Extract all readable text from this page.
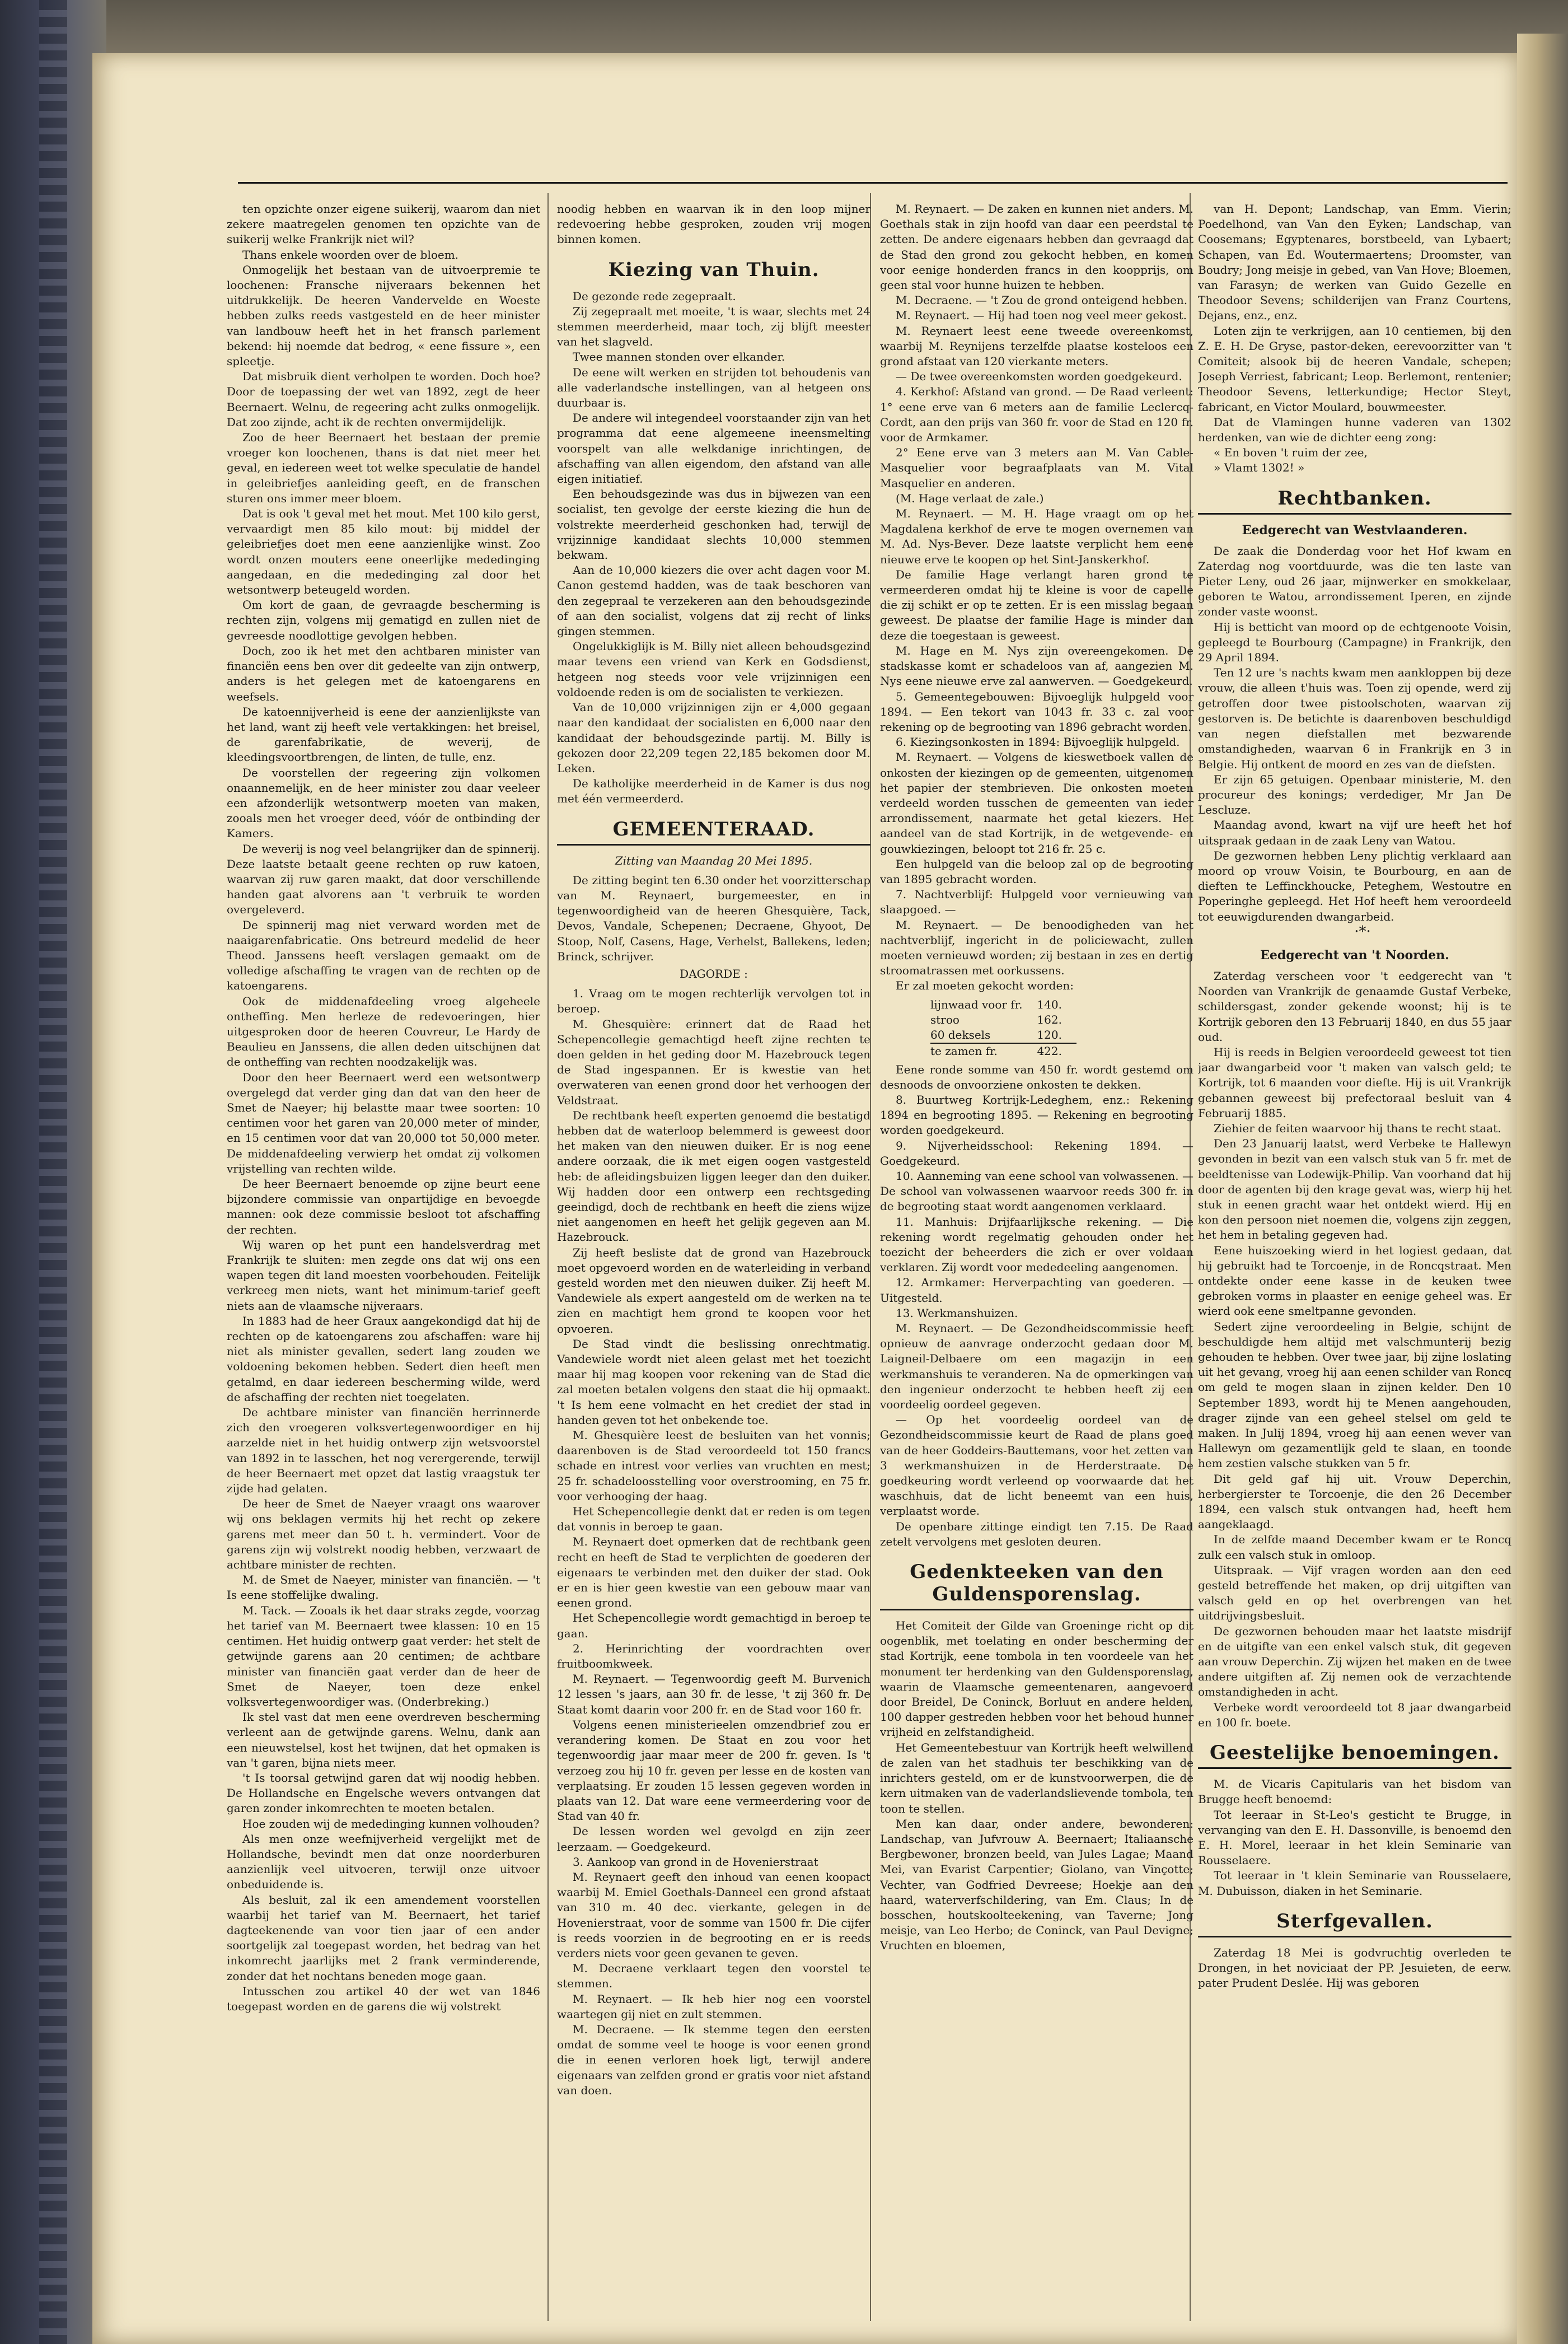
ten opzichte onzer eigene suikerij, waarom dan niet zekere maatregelen genomen ten opzichte van de suikerij welke Frankrijk niet wil?

Thans enkele woorden over de bloem.

Onmogelijk het bestaan van de uitvoerpremie te loochenen: Fransche nijveraars bekennen het uitdrukkelijk. De heeren Vandervelde en Woeste hebben zulks reeds vastgesteld en de heer minister van landbouw heeft het in het fransch parlement bekend: hij noemde dat bedrog, « eene fissure », een spleetje.

Dat misbruik dient verholpen te worden. Doch hoe? Door de toepassing der wet van 1892, zegt de heer Beernaert. Welnu, de regeering acht zulks onmogelijk. Dat zoo zijnde, acht ik de rechten onvermijdelijk.

Zoo de heer Beernaert het bestaan der premie vroeger kon loochenen, thans is dat niet meer het geval, en iedereen weet tot welke speculatie de handel in geleibriefjes aanleiding geeft, en de franschen sturen ons immer meer bloem.

Dat is ook 't geval met het mout. Met 100 kilo gerst, vervaardigt men 85 kilo mout: bij middel der geleibriefjes doet men eene aanzienlijke winst. Zoo wordt onzen mouters eene oneerlijke mededinging aangedaan, en die mededinging zal door het wetsontwerp beteugeld worden.

Om kort de gaan, de gevraagde bescherming is rechten zijn, volgens mij gematigd en zullen niet de gevreesde noodlottige gevolgen hebben.

Doch, zoo ik het met den achtbaren minister van financiën eens ben over dit gedeelte van zijn ontwerp, anders is het gelegen met de katoengarens en weefsels.

De katoennijverheid is eene der aanzienlijkste van het land, want zij heeft vele vertakkingen: het breisel, de garenfabrikatie, de weverij, de kleedingsvoortbrengen, de linten, de tulle, enz.

De voorstellen der regeering zijn volkomen onaannemelijk, en de heer minister zou daar veeleer een afzonderlijk wetsontwerp moeten van maken, zooals men het vroeger deed, vóór de ontbinding der Kamers.

De weverij is nog veel belangrijker dan de spinnerij. Deze laatste betaalt geene rechten op ruw katoen, waarvan zij ruw garen maakt, dat door verschillende handen gaat alvorens aan 't verbruik te worden overgeleverd.

De spinnerij mag niet verward worden met de naaigarenfabricatie. Ons betreurd medelid de heer Theod. Janssens heeft verslagen gemaakt om de volledige afschaffing te vragen van de rechten op de katoengarens.

Ook de middenafdeeling vroeg algeheele ontheffing. Men herleze de redevoeringen, hier uitgesproken door de heeren Couvreur, Le Hardy de Beaulieu en Janssens, die allen deden uitschijnen dat de ontheffing van rechten noodzakelijk was.

Door den heer Beernaert werd een wetsontwerp overgelegd dat verder ging dan dat van den heer de Smet de Naeyer; hij belastte maar twee soorten: 10 centimen voor het garen van 20,000 meter of minder, en 15 centimen voor dat van 20,000 tot 50,000 meter. De middenafdeeling verwierp het omdat zij volkomen vrijstelling van rechten wilde.

De heer Beernaert benoemde op zijne beurt eene bijzondere commissie van onpartijdige en bevoegde mannen: ook deze commissie besloot tot afschaffing der rechten.

Wij waren op het punt een handelsverdrag met Frankrijk te sluiten: men zegde ons dat wij ons een wapen tegen dit land moesten voorbehouden. Feitelijk verkreeg men niets, want het minimum-tarief geeft niets aan de vlaamsche nijveraars.

In 1883 had de heer Graux aangekondigd dat hij de rechten op de katoengarens zou afschaffen: ware hij niet als minister gevallen, sedert lang zouden we voldoening bekomen hebben. Sedert dien heeft men getalmd, en daar iedereen bescherming wilde, werd de afschaffing der rechten niet toegelaten.

De achtbare minister van financiën herrinnerde zich den vroegeren volksvertegenwoordiger en hij aarzelde niet in het huidig ontwerp zijn wetsvoorstel van 1892 in te lasschen, het nog verergerende, terwijl de heer Beernaert met opzet dat lastig vraagstuk ter zijde had gelaten.

De heer de Smet de Naeyer vraagt ons waarover wij ons beklagen vermits hij het recht op zekere garens met meer dan 50 t. h. vermindert. Voor de garens zijn wij volstrekt noodig hebben, verzwaart de achtbare minister de rechten.

M. de Smet de Naeyer, minister van financiën. — 't Is eene stoffelijke dwaling.

M. Tack. — Zooals ik het daar straks zegde, voorzag het tarief van M. Beernaert twee klassen: 10 en 15 centimen. Het huidig ontwerp gaat verder: het stelt de getwijnde garens aan 20 centimen; de achtbare minister van financiën gaat verder dan de heer de Smet de Naeyer, toen deze enkel volksvertegenwoordiger was. (Onderbreking.)

Ik stel vast dat men eene overdreven bescherming verleent aan de getwijnde garens. Welnu, dank aan een nieuwstelsel, kost het twijnen, dat het opmaken is van 't garen, bijna niets meer.

't Is toorsal getwijnd garen dat wij noodig hebben. De Hollandsche en Engelsche wevers ontvangen dat garen zonder inkomrechten te moeten betalen.

Hoe zouden wij de mededinging kunnen volhouden?

Als men onze weefnijverheid vergelijkt met de Hollandsche, bevindt men dat onze noorderburen aanzienlijk veel uitvoeren, terwijl onze uitvoer onbeduidende is.

Als besluit, zal ik een amendement voorstellen waarbij het tarief van M. Beernaert, het tarief dagteekenende van voor tien jaar of een ander soortgelijk zal toegepast worden, het bedrag van het inkomrecht jaarlijks met 2 frank verminderende, zonder dat het nochtans beneden moge gaan.

Intusschen zou artikel 40 der wet van 1846 toegepast worden en de garens die wij volstrekt

noodig hebben en waarvan ik in den loop mijner redevoering hebbe gesproken, zouden vrij mogen binnen komen.

Kiezing van Thuin.

De gezonde rede zegepraalt.

Zij zegepraalt met moeite, 't is waar, slechts met 24 stemmen meerderheid, maar toch, zij blijft meester van het slagveld.

Twee mannen stonden over elkander.

De eene wilt werken en strijden tot behoudenis van alle vaderlandsche instellingen, van al hetgeen ons duurbaar is.

De andere wil integendeel voorstaander zijn van het programma dat eene algemeene ineensmelting voorspelt van alle welkdanige inrichtingen, de afschaffing van allen eigendom, den afstand van alle eigen initiatief.

Een behoudsgezinde was dus in bijwezen van een socialist, ten gevolge der eerste kiezing die hun de volstrekte meerderheid geschonken had, terwijl de vrijzinnige kandidaat slechts 10,000 stemmen bekwam.

Aan de 10,000 kiezers die over acht dagen voor M. Canon gestemd hadden, was de taak beschoren van den zegepraal te verzekeren aan den behoudsgezinde of aan den socialist, volgens dat zij recht of links gingen stemmen.

Ongelukkiglijk is M. Billy niet alleen behoudsgezind maar tevens een vriend van Kerk en Godsdienst, hetgeen nog steeds voor vele vrijzinnigen een voldoende reden is om de socialisten te verkiezen.

Van de 10,000 vrijzinnigen zijn er 4,000 gegaan naar den kandidaat der socialisten en 6,000 naar den kandidaat der behoudsgezinde partij. M. Billy is gekozen door 22,209 tegen 22,185 bekomen door M. Leken.

De katholijke meerderheid in de Kamer is dus nog met één vermeerderd.

GEMEENTERAAD.

Zitting van Maandag 20 Mei 1895.

De zitting begint ten 6.30 onder het voorzitterschap van M. Reynaert, burgemeester, en in tegenwoordigheid van de heeren Ghesquière, Tack, Devos, Vandale, Schepenen; Decraene, Ghyoot, De Stoop, Nolf, Casens, Hage, Verhelst, Ballekens, leden; Brinck, schrijver.

DAGORDE :

1. Vraag om te mogen rechterlijk vervolgen tot in beroep.

M. Ghesquière: erinnert dat de Raad het Schepencollegie gemachtigd heeft zijne rechten te doen gelden in het geding door M. Hazebrouck tegen de Stad ingespannen. Er is kwestie van het overwateren van eenen grond door het verhoogen der Veldstraat.

De rechtbank heeft experten genoemd die bestatigd hebben dat de waterloop belemmerd is geweest door het maken van den nieuwen duiker. Er is nog eene andere oorzaak, die ik met eigen oogen vastgesteld heb: de afleidingsbuizen liggen leeger dan den duiker. Wij hadden door een ontwerp een rechtsgeding geeindigd, doch de rechtbank en heeft die ziens wijze niet aangenomen en heeft het gelijk gegeven aan M. Hazebrouck.

Zij heeft besliste dat de grond van Hazebrouck moet opgevoerd worden en de waterleiding in verband gesteld worden met den nieuwen duiker. Zij heeft M. Vandewiele als expert aangesteld om de werken na te zien en machtigt hem grond te koopen voor het opvoeren.

De Stad vindt die beslissing onrechtmatig. Vandewiele wordt niet aleen gelast met het toezicht maar hij mag koopen voor rekening van de Stad die zal moeten betalen volgens den staat die hij opmaakt. 't Is hem eene volmacht en het crediet der stad in handen geven tot het onbekende toe.

M. Ghesquière leest de besluiten van het vonnis; daarenboven is de Stad veroordeeld tot 150 francs schade en intrest voor verlies van vruchten en mest; 25 fr. schadeloosstelling voor overstrooming, en 75 fr. voor verhooging der haag.

Het Schepencollegie denkt dat er reden is om tegen dat vonnis in beroep te gaan.

M. Reynaert doet opmerken dat de rechtbank geen recht en heeft de Stad te verplichten de goederen der eigenaars te verbinden met den duiker der stad. Ook er en is hier geen kwestie van een gebouw maar van eenen grond.

Het Schepencollegie wordt gemachtigd in beroep te gaan.

2. Herinrichting der voordrachten over fruitboomkweek.

M. Reynaert. — Tegenwoordig geeft M. Burvenich 12 lessen 's jaars, aan 30 fr. de lesse, 't zij 360 fr. De Staat komt daarin voor 200 fr. en de Stad voor 160 fr.

Volgens eenen ministerieelen omzendbrief zou er verandering komen. De Staat en zou voor het tegenwoordig jaar maar meer de 200 fr. geven. Is 't verzoeg zou hij 10 fr. geven per lesse en de kosten van verplaatsing. Er zouden 15 lessen gegeven worden in plaats van 12. Dat ware eene vermeerdering voor de Stad van 40 fr.

De lessen worden wel gevolgd en zijn zeer leerzaam. — Goedgekeurd.

3. Aankoop van grond in de Hovenierstraat

M. Reynaert geeft den inhoud van eenen koopact waarbij M. Emiel Goethals-Danneel een grond afstaat van 310 m. 40 dec. vierkante, gelegen in de Hovenierstraat, voor de somme van 1500 fr. Die cijfer is reeds voorzien in de begrooting en er is reeds verders niets voor geen gevanen te geven.

M. Decraene verklaart tegen den voorstel te stemmen.

M. Reynaert. — Ik heb hier nog een voorstel waartegen gij niet en zult stemmen.

M. Decraene. — Ik stemme tegen den eersten omdat de somme veel te hooge is voor eenen grond die in eenen verloren hoek ligt, terwijl andere eigenaars van zelfden grond er gratis voor niet afstand van doen.

M. Reynaert. — De zaken en kunnen niet anders. M. Goethals stak in zijn hoofd van daar een peerdstal te zetten. De andere eigenaars hebben dan gevraagd dat de Stad den grond zou gekocht hebben, en komen voor eenige honderden francs in den koopprijs, om geen stal voor hunne huizen te hebben.

M. Decraene. — 't Zou de grond onteigend hebben.

M. Reynaert. — Hij had toen nog veel meer gekost.

M. Reynaert leest eene tweede overeenkomst, waarbij M. Reynijens terzelfde plaatse kosteloos een grond afstaat van 120 vierkante meters.

— De twee overeenkomsten worden goedgekeurd.

4. Kerkhof: Afstand van grond. — De Raad verleent: 1° eene erve van 6 meters aan de familie Leclercq-Cordt, aan den prijs van 360 fr. voor de Stad en 120 fr. voor de Armkamer.

2° Eene erve van 3 meters aan M. Van Cable-Masquelier voor begraafplaats van M. Vital Masquelier en anderen.

(M. Hage verlaat de zale.)

M. Reynaert. — M. H. Hage vraagt om op het Magdalena kerkhof de erve te mogen overnemen van M. Ad. Nys-Bever. Deze laatste verplicht hem eene nieuwe erve te koopen op het Sint-Janskerkhof.

De familie Hage verlangt haren grond te vermeerderen omdat hij te kleine is voor de capelle die zij schikt er op te zetten. Er is een misslag begaan geweest. De plaatse der familie Hage is minder dan deze die toegestaan is geweest.

M. Hage en M. Nys zijn overeengekomen. De stadskasse komt er schadeloos van af, aangezien M. Nys eene nieuwe erve zal aanwerven. — Goedgekeurd.

5. Gemeentegebouwen: Bijvoeglijk hulpgeld voor 1894. — Een tekort van 1043 fr. 33 c. zal voor rekening op de begrooting van 1896 gebracht worden.

6. Kiezingsonkosten in 1894: Bijvoeglijk hulpgeld.

M. Reynaert. — Volgens de kieswetboek vallen de onkosten der kiezingen op de gemeenten, uitgenomen het papier der stembrieven. Die onkosten moeten verdeeld worden tusschen de gemeenten van ieder arrondissement, naarmate het getal kiezers. Het aandeel van de stad Kortrijk, in de wetgevende- en gouwkiezingen, beloopt tot 216 fr. 25 c.

Een hulpgeld van die beloop zal op de begrooting van 1895 gebracht worden.

7. Nachtverblijf: Hulpgeld voor vernieuwing van slaapgoed. —

M. Reynaert. — De benoodigheden van het nachtverblijf, ingericht in de policiewacht, zullen moeten vernieuwd worden; zij bestaan in zes en dertig stroomatrassen met oorkussens.

Er zal moeten gekocht worden:

lijnwaad voor fr.	140.
stroo	162.
60 deksels	120.
te zamen fr.	422.

Eene ronde somme van 450 fr. wordt gestemd om desnoods de onvoorziene onkosten te dekken.

8. Buurtweg Kortrijk-Ledeghem, enz.: Rekening 1894 en begrooting 1895. — Rekening en begrooting worden goedgekeurd.

9. Nijverheidsschool: Rekening 1894. — Goedgekeurd.

10. Aanneming van eene school van volwassenen. — De school van volwassenen waarvoor reeds 300 fr. in de begrooting staat wordt aangenomen verklaard.

11. Manhuis: Drijfaarlijksche rekening. — Die rekening wordt regelmatig gehouden onder het toezicht der beheerders die zich er over voldaan verklaren. Zij wordt voor mededeeling aangenomen.

12. Armkamer: Herverpachting van goederen. — Uitgesteld.

13. Werkmanshuizen.

M. Reynaert. — De Gezondheidscommissie heeft opnieuw de aanvrage onderzocht gedaan door M. Laigneil-Delbaere om een magazijn in een werkmanshuis te veranderen. Na de opmerkingen van den ingenieur onderzocht te hebben heeft zij een voordeelig oordeel gegeven.

— Op het voordeelig oordeel van de Gezondheidscommissie keurt de Raad de plans goed van de heer Goddeirs-Bauttemans, voor het zetten van 3 werkmanshuizen in de Herderstraate. De goedkeuring wordt verleend op voorwaarde dat het waschhuis, dat de licht beneemt van een huis, verplaatst worde.

De openbare zittinge eindigt ten 7.15. De Raad zetelt vervolgens met gesloten deuren.

Gedenkteeken van den Guldensporenslag.

Het Comiteit der Gilde van Groeninge richt op dit oogenblik, met toelating en onder bescherming der stad Kortrijk, eene tombola in ten voordeele van het monument ter herdenking van den Guldensporenslag, waarin de Vlaamsche gemeentenaren, aangevoerd door Breidel, De Coninck, Borluut en andere helden, 100 dapper gestreden hebben voor het behoud hunner vrijheid en zelfstandigheid.

Het Gemeentebestuur van Kortrijk heeft welwillend de zalen van het stadhuis ter beschikking van de inrichters gesteld, om er de kunstvoorwerpen, die de kern uitmaken van de vaderlandslievende tombola, ten toon te stellen.

Men kan daar, onder andere, bewonderen: Landschap, van Jufvrouw A. Beernaert; Italiaansche Bergbewoner, bronzen beeld, van Jules Lagae; Maand Mei, van Evarist Carpentier; Giolano, van Vinçotte; Vechter, van Godfried Devreese; Hoekje aan den haard, waterverfschildering, van Em. Claus; In de bosschen, houtskoolteekening, van Taverne; Jong meisje, van Leo Herbo; de Coninck, van Paul Devigne; Vruchten en bloemen,

van H. Depont; Landschap, van Emm. Vierin; Poedelhond, van Van den Eyken; Landschap, van Coosemans; Egyptenares, borstbeeld, van Lybaert; Schapen, van Ed. Woutermaertens; Droomster, van Boudry; Jong meisje in gebed, van Van Hove; Bloemen, van Farasyn; de werken van Guido Gezelle en Theodoor Sevens; schilderijen van Franz Courtens, Dejans, enz., enz.

Loten zijn te verkrijgen, aan 10 centiemen, bij den Z. E. H. De Gryse, pastor-deken, eerevoorzitter van 't Comiteit; alsook bij de heeren Vandale, schepen; Joseph Verriest, fabricant; Leop. Berlemont, rentenier; Theodoor Sevens, letterkundige; Hector Steyt, fabricant, en Victor Moulard, bouwmeester.

Dat de Vlamingen hunne vaderen van 1302 herdenken, van wie de dichter eeng zong:

« En boven 't ruim der zee,

» Vlamt 1302! »

Rechtbanken.
Eedgerecht van Westvlaanderen.

De zaak die Donderdag voor het Hof kwam en Zaterdag nog voortduurde, was die ten laste van Pieter Leny, oud 26 jaar, mijnwerker en smokkelaar, geboren te Watou, arrondissement Iperen, en zijnde zonder vaste woonst.

Hij is betticht van moord op de echtgenoote Voisin, gepleegd te Bourbourg (Campagne) in Frankrijk, den 29 April 1894.

Ten 12 ure 's nachts kwam men aankloppen bij deze vrouw, die alleen t'huis was. Toen zij opende, werd zij getroffen door twee pistoolschoten, waarvan zij gestorven is. De betichte is daarenboven beschuldigd van negen diefstallen met bezwarende omstandigheden, waarvan 6 in Frankrijk en 3 in Belgie. Hij ontkent de moord en zes van de diefsten.

Er zijn 65 getuigen. Openbaar ministerie, M. den procureur des konings; verdediger, Mr Jan De Lescluze.

Maandag avond, kwart na vijf ure heeft het hof uitspraak gedaan in de zaak Leny van Watou.

De gezwornen hebben Leny plichtig verklaard aan moord op vrouw Voisin, te Bourbourg, en aan de dieften te Leffinckhoucke, Peteghem, Westoutre en Poperinghe gepleegd. Het Hof heeft hem veroordeeld tot eeuwigdurenden dwangarbeid.

·*·

Eedgerecht van 't Noorden.

Zaterdag verscheen voor 't eedgerecht van 't Noorden van Vrankrijk de genaamde Gustaf Verbeke, schildersgast, zonder gekende woonst; hij is te Kortrijk geboren den 13 Februarij 1840, en dus 55 jaar oud.

Hij is reeds in Belgien veroordeeld geweest tot tien jaar dwangarbeid voor 't maken van valsch geld; te Kortrijk, tot 6 maanden voor diefte. Hij is uit Vrankrijk gebannen geweest bij prefectoraal besluit van 4 Februarij 1885.

Ziehier de feiten waarvoor hij thans te recht staat.

Den 23 Januarij laatst, werd Verbeke te Hallewyn gevonden in bezit van een valsch stuk van 5 fr. met de beeldtenisse van Lodewijk-Philip. Van voorhand dat hij door de agenten bij den krage gevat was, wierp hij het stuk in eenen gracht waar het ontdekt wierd. Hij en kon den persoon niet noemen die, volgens zijn zeggen, het hem in betaling gegeven had.

Eene huiszoeking wierd in het logiest gedaan, dat hij gebruikt had te Torcoenje, in de Roncqstraat. Men ontdekte onder eene kasse in de keuken twee gebroken vorms in plaaster en eenige geheel was. Er wierd ook eene smeltpanne gevonden.

Sedert zijne veroordeeling in Belgie, schijnt de beschuldigde hem altijd met valschmunterij bezig gehouden te hebben. Over twee jaar, bij zijne loslating uit het gevang, vroeg hij aan eenen schilder van Roncq om geld te mogen slaan in zijnen kelder. Den 10 September 1893, wordt hij te Menen aangehouden, drager zijnde van een geheel stelsel om geld te maken. In Julij 1894, vroeg hij aan eenen wever van Hallewyn om gezamentlijk geld te slaan, en toonde hem zestien valsche stukken van 5 fr.

Dit geld gaf hij uit. Vrouw Deperchin, herbergierster te Torcoenje, die den 26 December 1894, een valsch stuk ontvangen had, heeft hem aangeklaagd.

In de zelfde maand December kwam er te Roncq zulk een valsch stuk in omloop.

Uitspraak. — Vijf vragen worden aan den eed gesteld betreffende het maken, op drij uitgiften van valsch geld en op het overbrengen van het uitdrijvingsbesluit.

De gezwornen behouden maar het laatste misdrijf en de uitgifte van een enkel valsch stuk, dit gegeven aan vrouw Deperchin. Zij wijzen het maken en de twee andere uitgiften af. Zij nemen ook de verzachtende omstandigheden in acht.

Verbeke wordt veroordeeld tot 8 jaar dwangarbeid en 100 fr. boete.

Geestelijke benoemingen.

M. de Vicaris Capitularis van het bisdom van Brugge heeft benoemd:

Tot leeraar in St-Leo's gesticht te Brugge, in vervanging van den E. H. Dassonville, is benoemd den E. H. Morel, leeraar in het klein Seminarie van Rousselaere.

Tot leeraar in 't klein Seminarie van Rousselaere, M. Dubuisson, diaken in het Seminarie.

Sterfgevallen.

Zaterdag 18 Mei is godvruchtig overleden te Drongen, in het noviciaat der PP. Jesuieten, de eerw. pater Prudent Deslée. Hij was geboren
